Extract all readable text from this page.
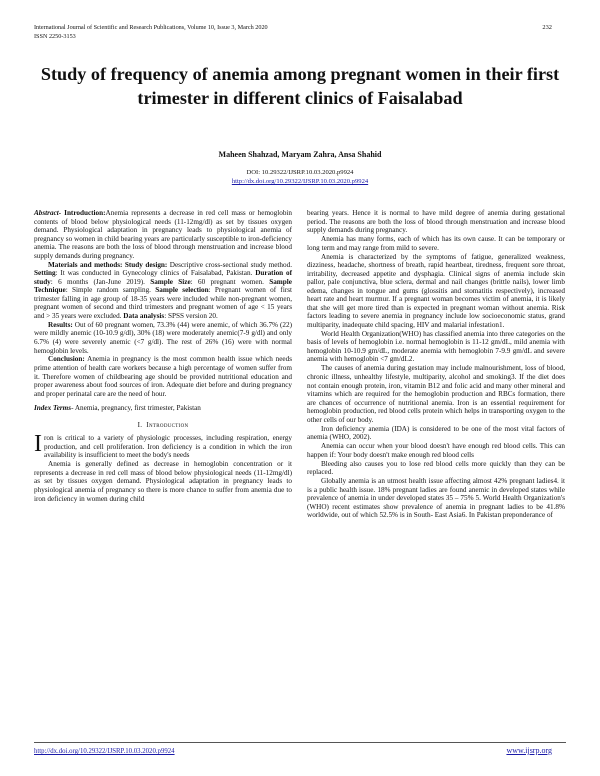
International Journal of Scientific and Research Publications, Volume 10, Issue 3, March 2020
ISSN 2250-3153
232
Study of frequency of anemia among pregnant women in their first trimester in different clinics of Faisalabad
Maheen Shahzad, Maryam Zahra, Ansa Shahid
DOI: 10.29322/IJSRP.10.03.2020.p9924
http://dx.doi.org/10.29322/IJSRP.10.03.2020.p9924

Abstract- Introduction:Anemia represents a decrease in red cell mass or hemoglobin contents of blood below physiological needs (11-12mg/dl) as set by tissues oxygen demand. Physiological adaptation in pregnancy leads to physiological anemia of pregnancy so women in child bearing years are particularly susceptible to iron-deficiency anemia. The reasons are both the loss of blood through menstruation and increase blood supply demands during pregnancy.

Materials and methods: Study design: Descriptive cross-sectional study method. Setting: It was conducted in Gynecology clinics of Faisalabad, Pakistan. Duration of study: 6 months (Jan-June 2019). Sample Size: 60 pregnant women. Sample Technique: Simple random sampling. Sample selection: Pregnant women of first trimester falling in age group of 18-35 years were included while non-pregnant women, pregnant women of second and third trimesters and pregnant women of age < 15 years and > 35 years were excluded. Data analysis: SPSS version 20.

Results: Out of 60 pregnant women, 73.3% (44) were anemic, of which 36.7% (22) were mildly anemic (10-10.9 g/dl), 30% (18) were moderately anemic(7-9 g/dl) and only 6.7% (4) were severely anemic (<7 g/dl). The rest of 26% (16) were with normal hemoglobin levels.

Conclusion: Anemia in pregnancy is the most common health issue which needs prime attention of health care workers because a high percentage of women suffer from it. Therefore women of childbearing age should be provided nutritional education and proper awareness about food sources of iron. Adequate diet before and during pregnancy and proper perinatal care are the need of hour.

Index Terms- Anemia, pregnancy, first trimester, Pakistan

I. Introduction

Iron is critical to a variety of physiologic processes, including respiration, energy production, and cell proliferation. Iron deficiency is a condition in which the iron availability is insufficient to meet the body's needs

Anemia is generally defined as decrease in hemoglobin concentration or it represents a decrease in red cell mass of blood below physiological needs (11-12mg/dl) as set by tissues oxygen demand. Physiological adaptation in pregnancy leads to physiological anemia of pregnancy so there is more chance to suffer from anemia due to iron deficiency in women during child

bearing years. Hence it is normal to have mild degree of anemia during gestational period. The reasons are both the loss of blood through menstruation and increase blood supply demands during pregnancy.

Anemia has many forms, each of which has its own cause. It can be temporary or long term and may range from mild to severe.

Anemia is characterized by the symptoms of fatigue, generalized weakness, dizziness, headache, shortness of breath, rapid heartbeat, tiredness, frequent sore throat, irritability, decreased appetite and dysphagia. Clinical signs of anemia include skin pallor, pale conjunctiva, blue sclera, dermal and nail changes (brittle nails), lower limb edema, changes in tongue and gums (glossitis and stomatitis respectively), increased heart rate and heart murmur. If a pregnant woman becomes victim of anemia, it is likely that she will get more tired than is expected in pregnant woman without anemia. Risk factors leading to severe anemia in pregnancy include low socioeconomic status, grand multiparity, inadequate child spacing, HIV and malarial infestation1.

World Health Organization(WHO) has classified anemia into three categories on the basis of levels of hemoglobin i.e. normal hemoglobin is 11-12 gm/dL, mild anemia with hemoglobin 10-10.9 gm/dL, moderate anemia with hemoglobin 7-9.9 gm/dL and severe anemia with hemoglobin <7 gm/dL2.

The causes of anemia during gestation may include malnourishment, loss of blood, chronic illness, unhealthy lifestyle, multiparity, alcohol and smoking3. If the diet does not contain enough protein, iron, vitamin B12 and folic acid and many other mineral and vitamins which are required for the hemoglobin production and RBCs formation, there are chances of occurrence of nutritional anemia. Iron is an essential requirement for hemoglobin production, red blood cells protein which helps in transporting oxygen to the other cells of our body.

Iron deficiency anemia (IDA) is considered to be one of the most vital factors of anemia (WHO, 2002).

Anemia can occur when your blood doesn't have enough red blood cells. This can happen if: Your body doesn't make enough red blood cells

Bleeding also causes you to lose red blood cells more quickly than they can be replaced.

Globally anemia is an utmost health issue affecting almost 42% pregnant ladies4. it is a public health issue. 18% pregnant ladies are found anemic in developed states while prevalence of anemia in under developed states 35 – 75% 5. World Health Organization's (WHO) recent estimates show prevalence of anemia in pregnant ladies to be 41.8% worldwide, out of which 52.5% is in South- East Asia6. In Pakistan preponderance of

http://dx.doi.org/10.29322/IJSRP.10.03.2020.p9924	www.ijsrp.org
